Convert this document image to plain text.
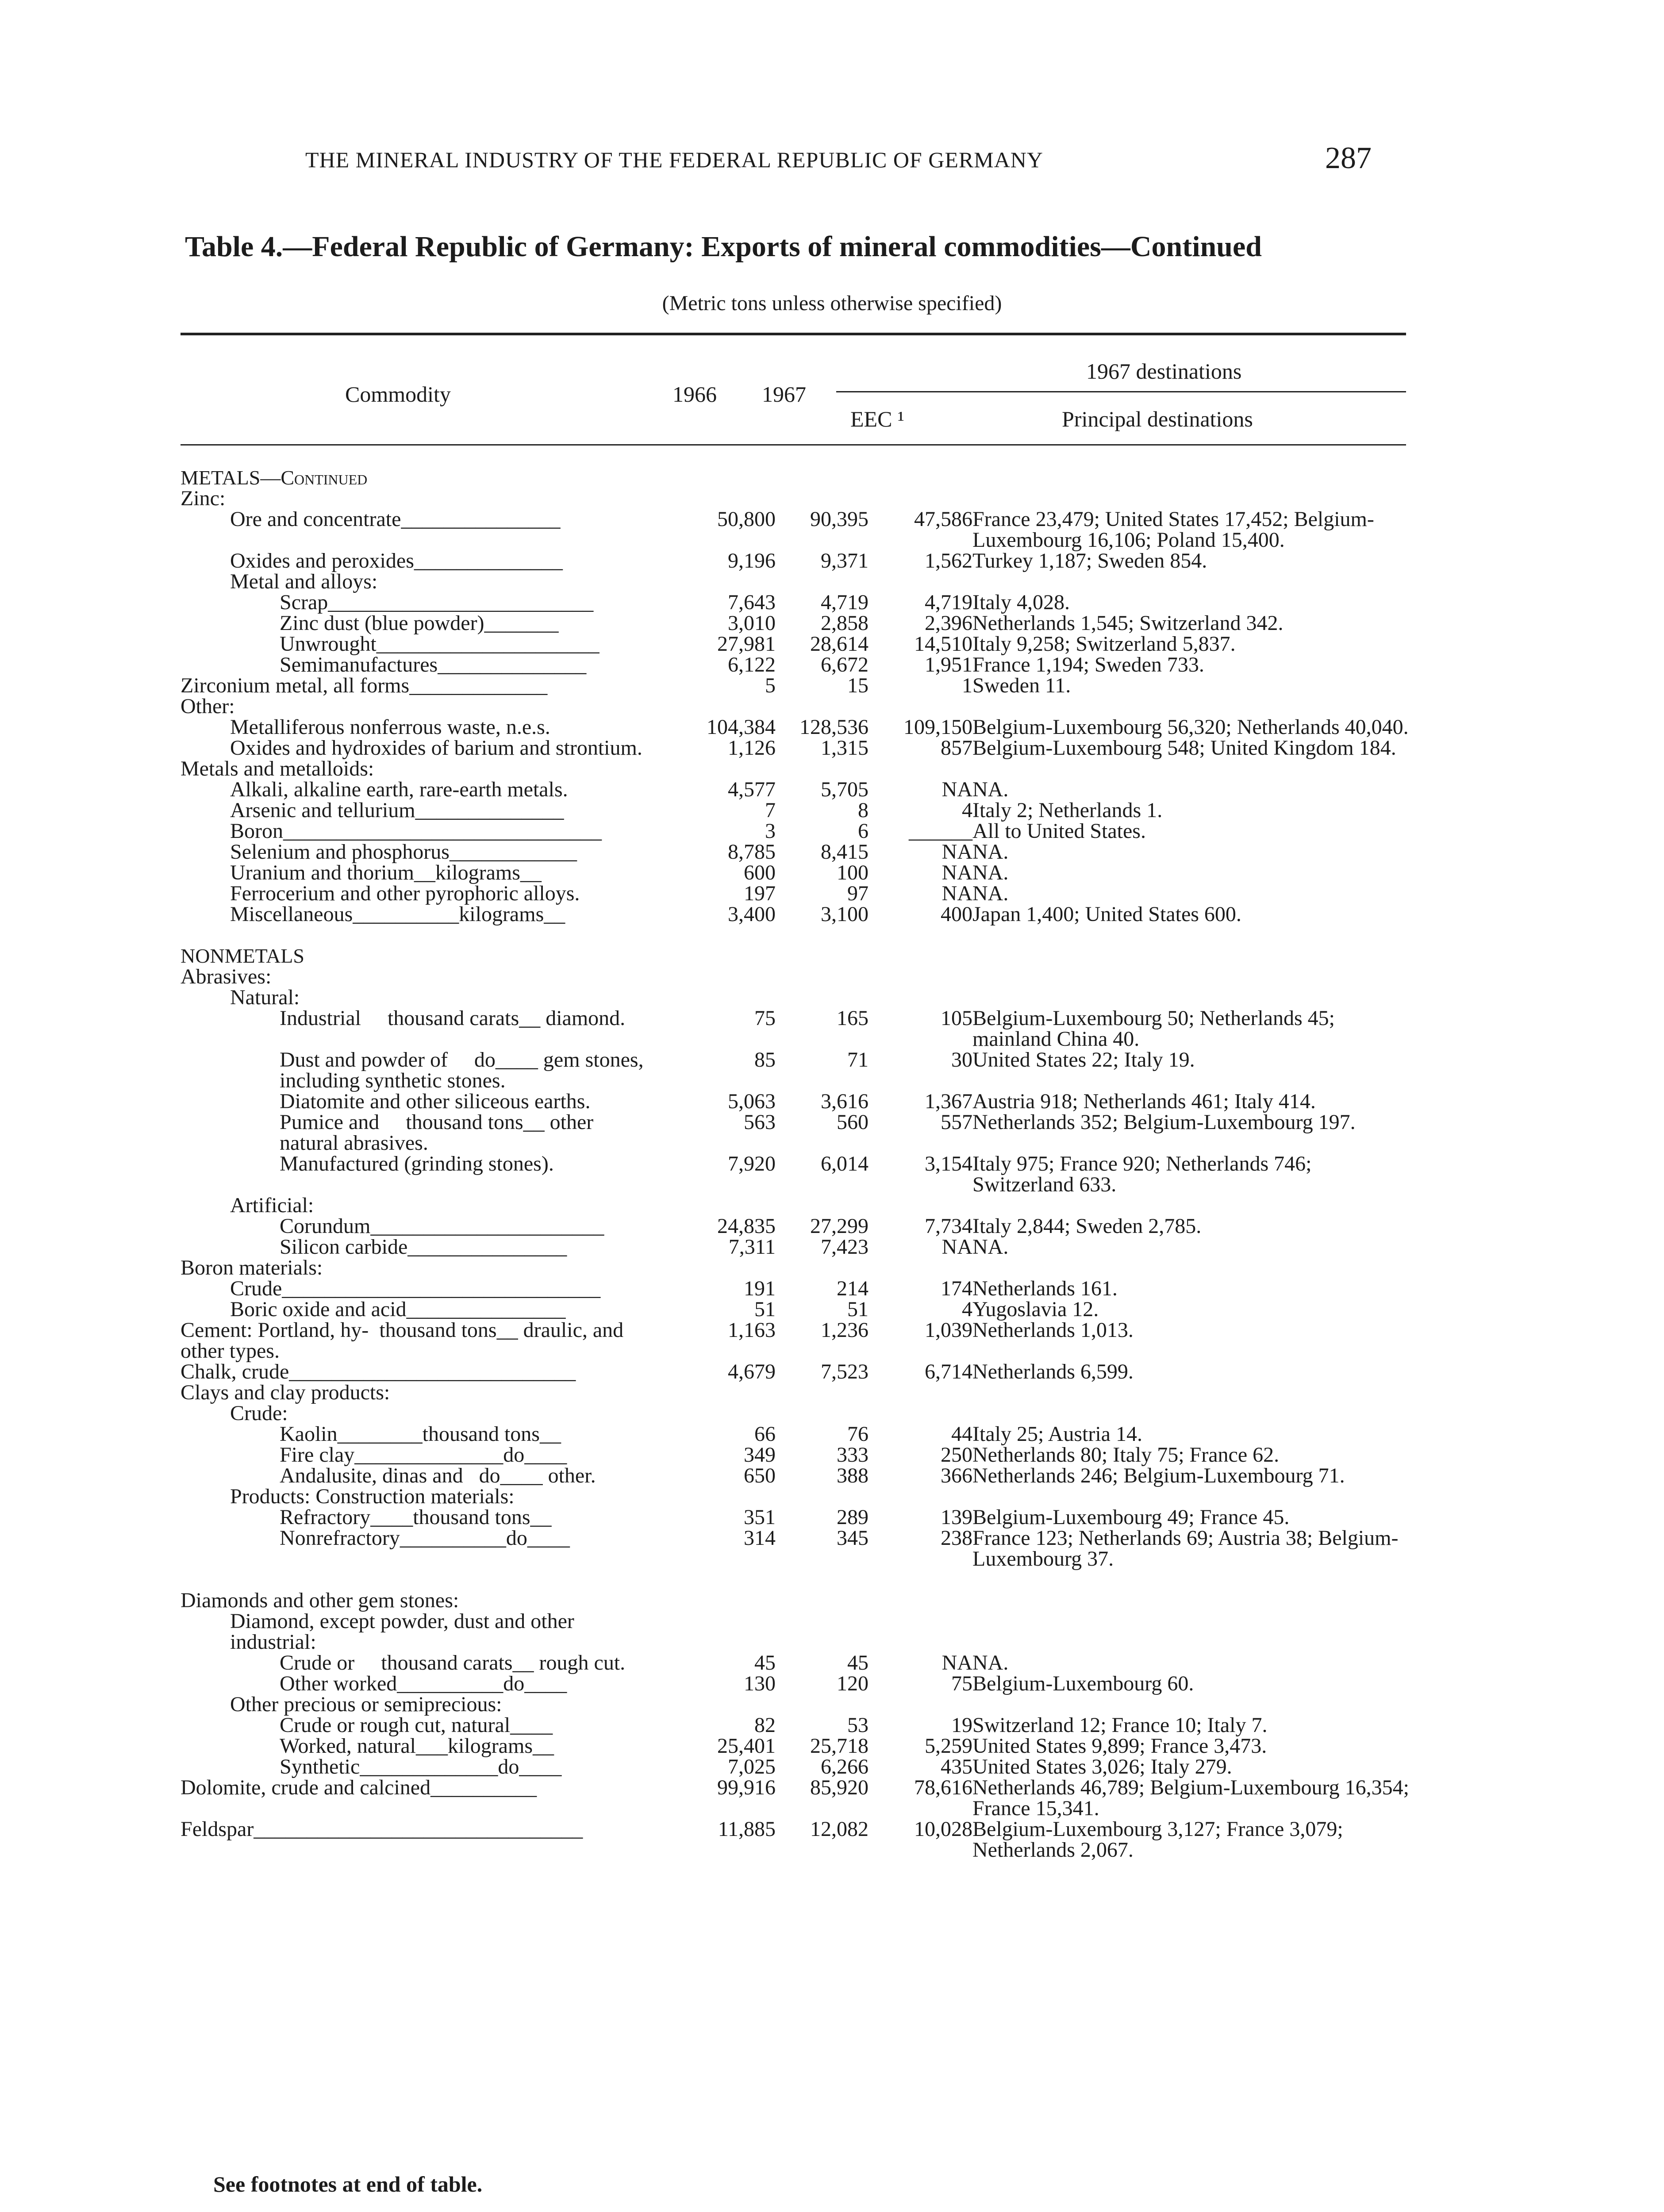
THE MINERAL INDUSTRY OF THE FEDERAL REPUBLIC OF GERMANY	287
Table 4.—Federal Republic of Germany: Exports of mineral commodities—Continued
(Metric tons unless otherwise specified)
Commodity	1966 1967
1967 destinations
EEC ¹	Principal destinations
METALS—Continued				
Zinc:				
Ore and concentrate_______________	50,800	90,395	47,586	France 23,479; United States 17,452; Belgium-Luxembourg 16,106; Poland 15,400.
Oxides and peroxides______________	9,196	9,371	1,562	Turkey 1,187; Sweden 854.
Metal and alloys:				
Scrap_________________________	7,643	4,719	4,719	Italy 4,028.
Zinc dust (blue powder)_______	3,010	2,858	2,396	Netherlands 1,545; Switzerland 342.
Unwrought_____________________	27,981	28,614	14,510	Italy 9,258; Switzerland 5,837.
Semimanufactures______________	6,122	6,672	1,951	France 1,194; Sweden 733.
Zirconium metal, all forms_____________	5	15	1	Sweden 11.
Other:				
Metalliferous nonferrous waste, n.e.s.	104,384	128,536	109,150	Belgium-Luxembourg 56,320; Netherlands 40,040.
Oxides and hydroxides of barium and strontium.	1,126	1,315	857	Belgium-Luxembourg 548; United Kingdom 184.
Metals and metalloids:				
Alkali, alkaline earth, rare-earth metals.	4,577	5,705	NA	NA.
Arsenic and tellurium______________	7	8	4	Italy 2; Netherlands 1.
Boron______________________________	3	6	______	All to United States.
Selenium and phosphorus____________	8,785	8,415	NA	NA.
Uranium and thorium__kilograms__	600	100	NA	NA.
Ferrocerium and other pyrophoric alloys.	197	97	NA	NA.
Miscellaneous__________kilograms__	3,400	3,100	400	Japan 1,400; United States 600.

NONMETALS				
Abrasives:				
Natural:				
Industrial     thousand carats__ diamond.	75	165	105	Belgium-Luxembourg 50; Netherlands 45; mainland China 40.
Dust and powder of     do____ gem stones, including synthetic stones.	85	71	30	United States 22; Italy 19.
Diatomite and other siliceous earths.	5,063	3,616	1,367	Austria 918; Netherlands 461; Italy 414.
Pumice and     thousand tons__ other natural abrasives.	563	560	557	Netherlands 352; Belgium-Luxembourg 197.
Manufactured (grinding stones).	7,920	6,014	3,154	Italy 975; France 920; Netherlands 746; Switzerland 633.
Artificial:				
Corundum______________________	24,835	27,299	7,734	Italy 2,844; Sweden 2,785.
Silicon carbide_______________	7,311	7,423	NA	NA.
Boron materials:				
Crude______________________________	191	214	174	Netherlands 161.
Boric oxide and acid_______________	51	51	4	Yugoslavia 12.
Cement: Portland, hy-  thousand tons__ draulic, and other types.	1,163	1,236	1,039	Netherlands 1,013.
Chalk, crude___________________________	4,679	7,523	6,714	Netherlands 6,599.
Clays and clay products:				
Crude:				
Kaolin________thousand tons__	66	76	44	Italy 25; Austria 14.
Fire clay______________do____	349	333	250	Netherlands 80; Italy 75; France 62.
Andalusite, dinas and   do____ other.	650	388	366	Netherlands 246; Belgium-Luxembourg 71.
Products: Construction materials:				
Refractory____thousand tons__	351	289	139	Belgium-Luxembourg 49; France 45.
Nonrefractory__________do____	314	345	238	France 123; Netherlands 69; Austria 38; Belgium-Luxembourg 37.

Diamonds and other gem stones:				
Diamond, except powder, dust and other industrial:				
Crude or     thousand carats__ rough cut.	45	45	NA	NA.
Other worked__________do____	130	120	75	Belgium-Luxembourg 60.
Other precious or semiprecious:				
Crude or rough cut, natural____	82	53	19	Switzerland 12; France 10; Italy 7.
Worked, natural___kilograms__	25,401	25,718	5,259	United States 9,899; France 3,473.
Synthetic_____________do____	7,025	6,266	435	United States 3,026; Italy 279.
Dolomite, crude and calcined__________	99,916	85,920	78,616	Netherlands 46,789; Belgium-Luxembourg 16,354; France 15,341.
Feldspar_______________________________	11,885	12,082	10,028	Belgium-Luxembourg 3,127; France 3,079; Netherlands 2,067.
See footnotes at end of table.
